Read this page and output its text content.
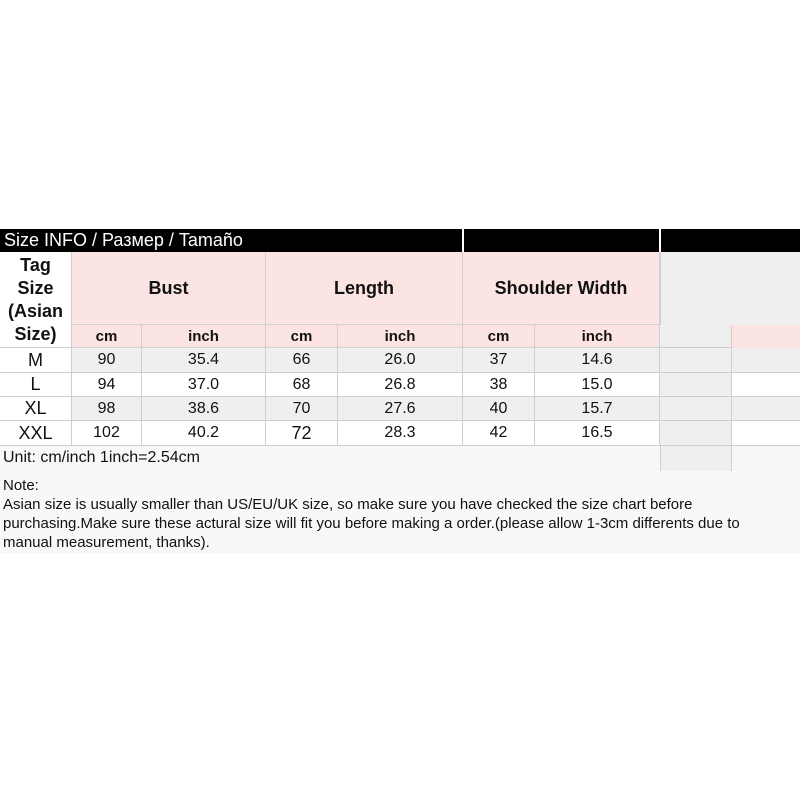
Size INFO / Размер / Tamaño
Tag Size (Asian Size)
Bust	Length	Shoulder Width
cm	inch	cm	inch	cm	inch
M	90	35.4	66	26.0	37	14.6
L	94	37.0	68	26.8	38	15.0
XL	98	38.6	70	27.6	40	15.7
XXL	102	40.2	72	28.3	42	16.5
Unit: cm/inch 1inch=2.54cm
Note:
Asian size is usually smaller than US/EU/UK size, so make sure you have checked the size chart before purchasing.Make sure these actural size will fit you before making a order.(please allow 1-3cm differents due to manual measurement, thanks).
